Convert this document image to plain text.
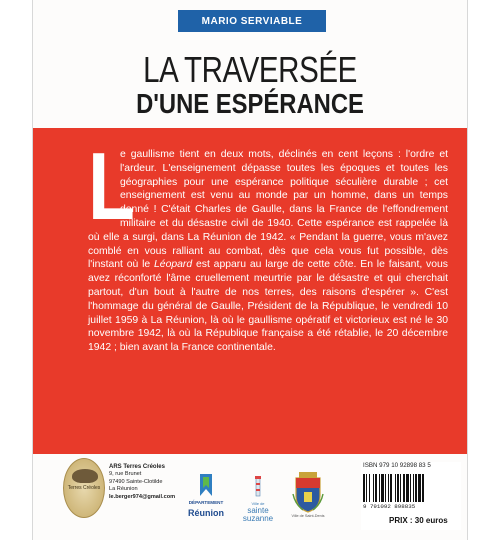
MARIO SERVIABLE
LA TRAVERSÉE
D'UNE ESPÉRANCE
L
e gaullisme tient en deux mots, déclinés en cent leçons : l'ordre et l'ardeur. L'enseignement dépasse toutes les époques et toutes les géographies pour une espérance politique séculière durable ; cet enseignement est venu au monde par un homme, dans un temps donné ! C'était Charles de Gaulle, dans la France de l'effondrement militaire et du désastre civil de 1940. Cette espérance est rappelée là où elle a surgi, dans La Réunion de 1942. « Pendant la guerre, vous m'avez comblé en vous ralliant au combat, dès que cela vous fut possible, dès l'instant où le Léopard est apparu au large de cette côte. En le faisant, vous avez réconforté l'âme cruellement meurtrie par le désastre et qui cherchait partout, d'un bout à l'autre de nos terres, des raisons d'espérer ». C'est l'hommage du général de Gaulle, Président de la République, le vendredi 10 juillet 1959 à La Réunion, là où le gaullisme opératif et victorieux est né le 30 novembre 1942, là où la République française a été rétablie, le 20 décembre 1942 ; bien avant la France continentale.
Terres Créoles
ARS Terres Créoles
9, rue Brunet
97490 Sainte-Clotilde
La Réunion
le.berger974@gmail.com
DÉPARTEMENT
Réunion
Ville de
sainte
suzanne	Ville de Saint-Denis
ISBN 979 10 92898 83 5
9 791092 898835
PRIX : 30 euros
